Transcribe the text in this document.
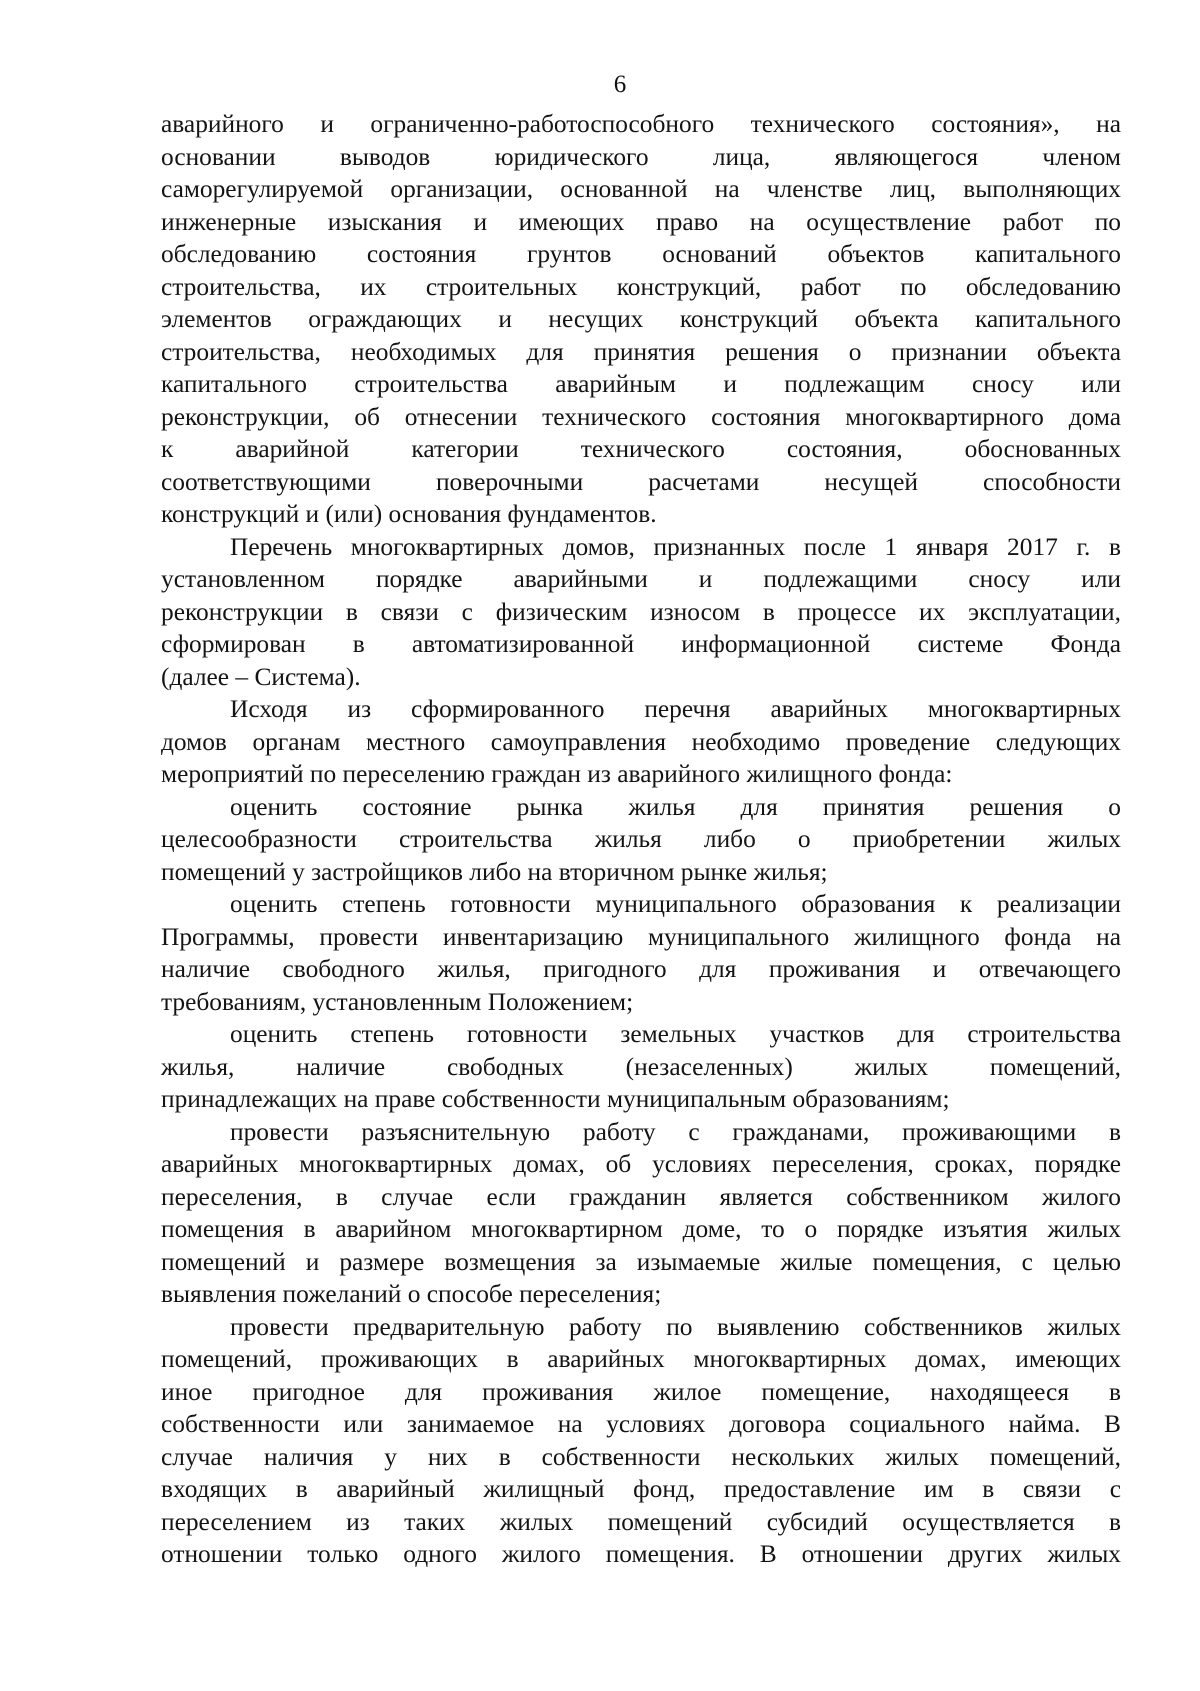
6
аварийного и ограниченно-работоспособного технического состояния», на
основании выводов юридического лица, являющегося членом
саморегулируемой организации, основанной на членстве лиц, выполняющих
инженерные изыскания и имеющих право на осуществление работ по
обследованию состояния грунтов оснований объектов капитального
строительства, их строительных конструкций, работ по обследованию
элементов ограждающих и несущих конструкций объекта капитального
строительства, необходимых для принятия решения о признании объекта
капитального строительства аварийным и подлежащим сносу или
реконструкции, об отнесении технического состояния многоквартирного дома
к аварийной категории технического состояния, обоснованных
соответствующими поверочными расчетами несущей способности
конструкций и (или) основания фундаментов.
Перечень многоквартирных домов, признанных после 1 января 2017 г. в
установленном порядке аварийными и подлежащими сносу или
реконструкции в связи с физическим износом в процессе их эксплуатации,
сформирован в автоматизированной информационной системе Фонда
(далее – Система).
Исходя из сформированного перечня аварийных многоквартирных
домов органам местного самоуправления необходимо проведение следующих
мероприятий по переселению граждан из аварийного жилищного фонда:
оценить состояние рынка жилья для принятия решения о
целесообразности строительства жилья либо о приобретении жилых
помещений у застройщиков либо на вторичном рынке жилья;
оценить степень готовности муниципального образования к реализации
Программы, провести инвентаризацию муниципального жилищного фонда на
наличие свободного жилья, пригодного для проживания и отвечающего
требованиям, установленным Положением;
оценить степень готовности земельных участков для строительства
жилья, наличие свободных (незаселенных) жилых помещений,
принадлежащих на праве собственности муниципальным образованиям;
провести разъяснительную работу с гражданами, проживающими в
аварийных многоквартирных домах, об условиях переселения, сроках, порядке
переселения, в случае если гражданин является собственником жилого
помещения в аварийном многоквартирном доме, то о порядке изъятия жилых
помещений и размере возмещения за изымаемые жилые помещения, с целью
выявления пожеланий о способе переселения;
провести предварительную работу по выявлению собственников жилых
помещений, проживающих в аварийных многоквартирных домах, имеющих
иное пригодное для проживания жилое помещение, находящееся в
собственности или занимаемое на условиях договора социального найма. В
случае наличия у них в собственности нескольких жилых помещений,
входящих в аварийный жилищный фонд, предоставление им в связи с
переселением из таких жилых помещений субсидий осуществляется в
отношении только одного жилого помещения. В отношении других жилых
